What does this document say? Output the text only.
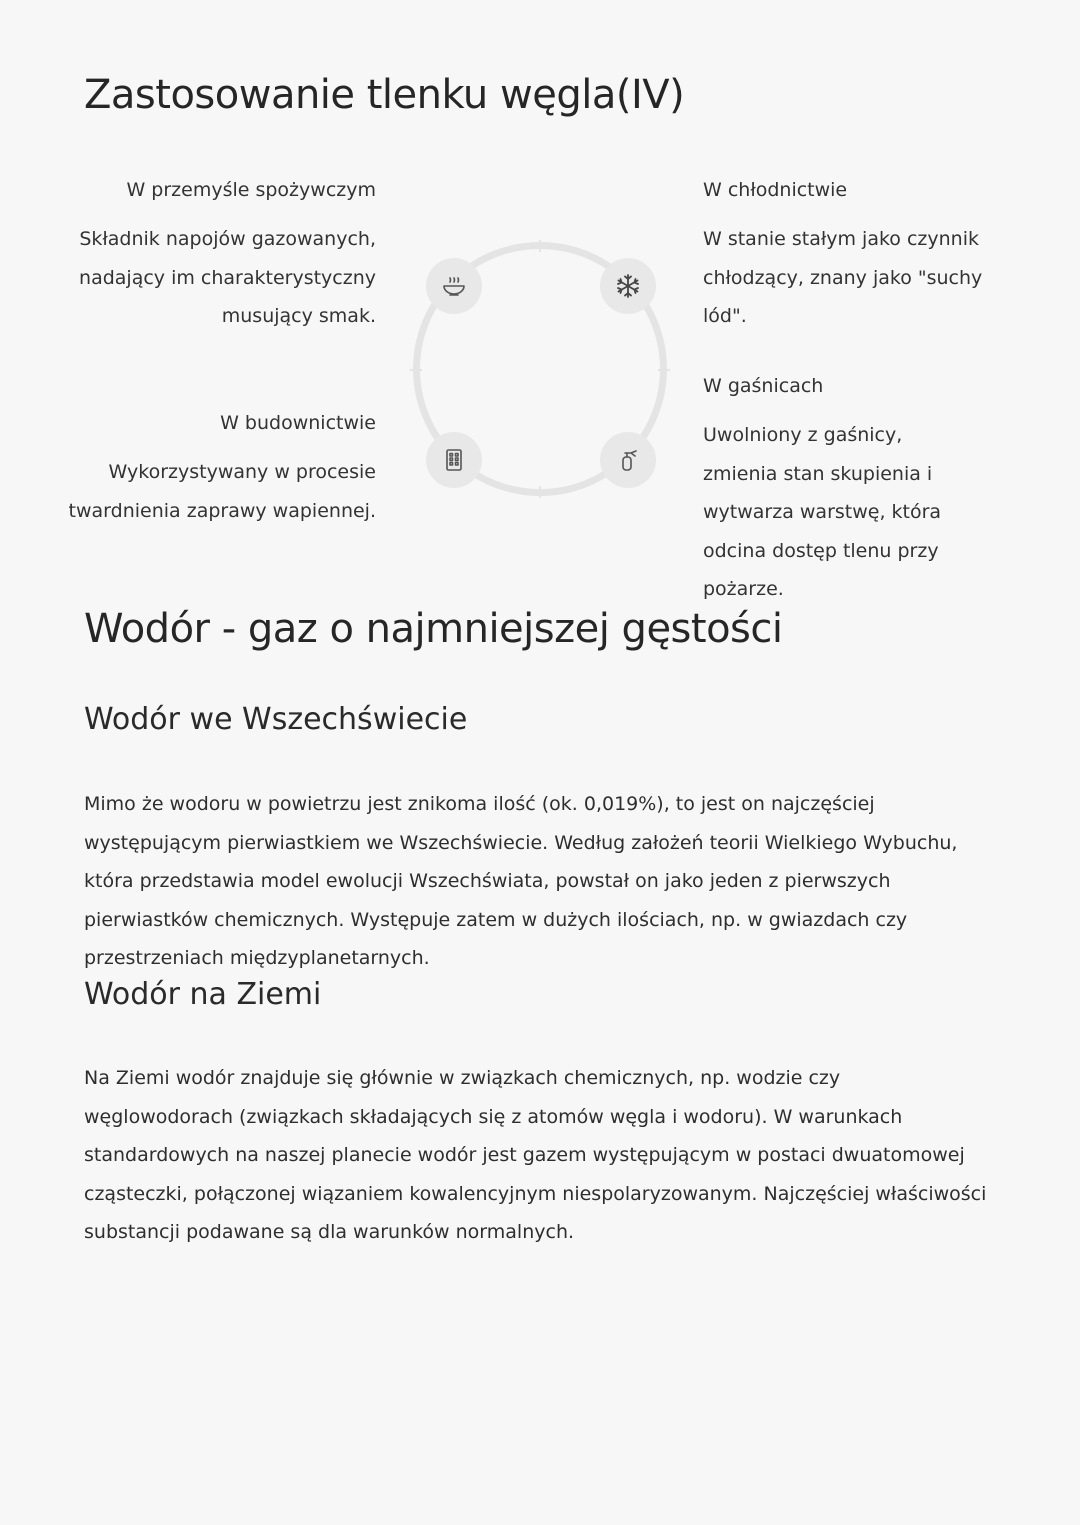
Zastosowanie tlenku węgla(IV)
W przemyśle spożywczym
Składnik napojów gazowanych, nadający im charakterystyczny musujący smak.
W budownictwie
Wykorzystywany w procesie twardnienia zaprawy wapiennej.
W chłodnictwie
W stanie stałym jako czynnik chłodzący, znany jako "suchy lód".
W gaśnicach
Uwolniony z gaśnicy, zmienia stan skupienia i wytwarza warstwę, która odcina dostęp tlenu przy pożarze.
Wodór - gaz o najmniejszej gęstości
Wodór we Wszechświecie

Mimo że wodoru w powietrzu jest znikoma ilość (ok. 0,019%), to jest on najczęściej występującym pierwiastkiem we Wszechświecie. Według założeń teorii Wielkiego Wybuchu, która przedstawia model ewolucji Wszechświata, powstał on jako jeden z pierwszych pierwiastków chemicznych. Występuje zatem w dużych ilościach, np. w gwiazdach czy przestrzeniach międzyplanetarnych.

Wodór na Ziemi

Na Ziemi wodór znajduje się głównie w związkach chemicznych, np. wodzie czy węglowodorach (związkach składających się z atomów węgla i wodoru). W warunkach standardowych na naszej planecie wodór jest gazem występującym w postaci dwuatomowej cząsteczki, połączonej wiązaniem kowalencyjnym niespolaryzowanym. Najczęściej właściwości substancji podawane są dla warunków normalnych.
